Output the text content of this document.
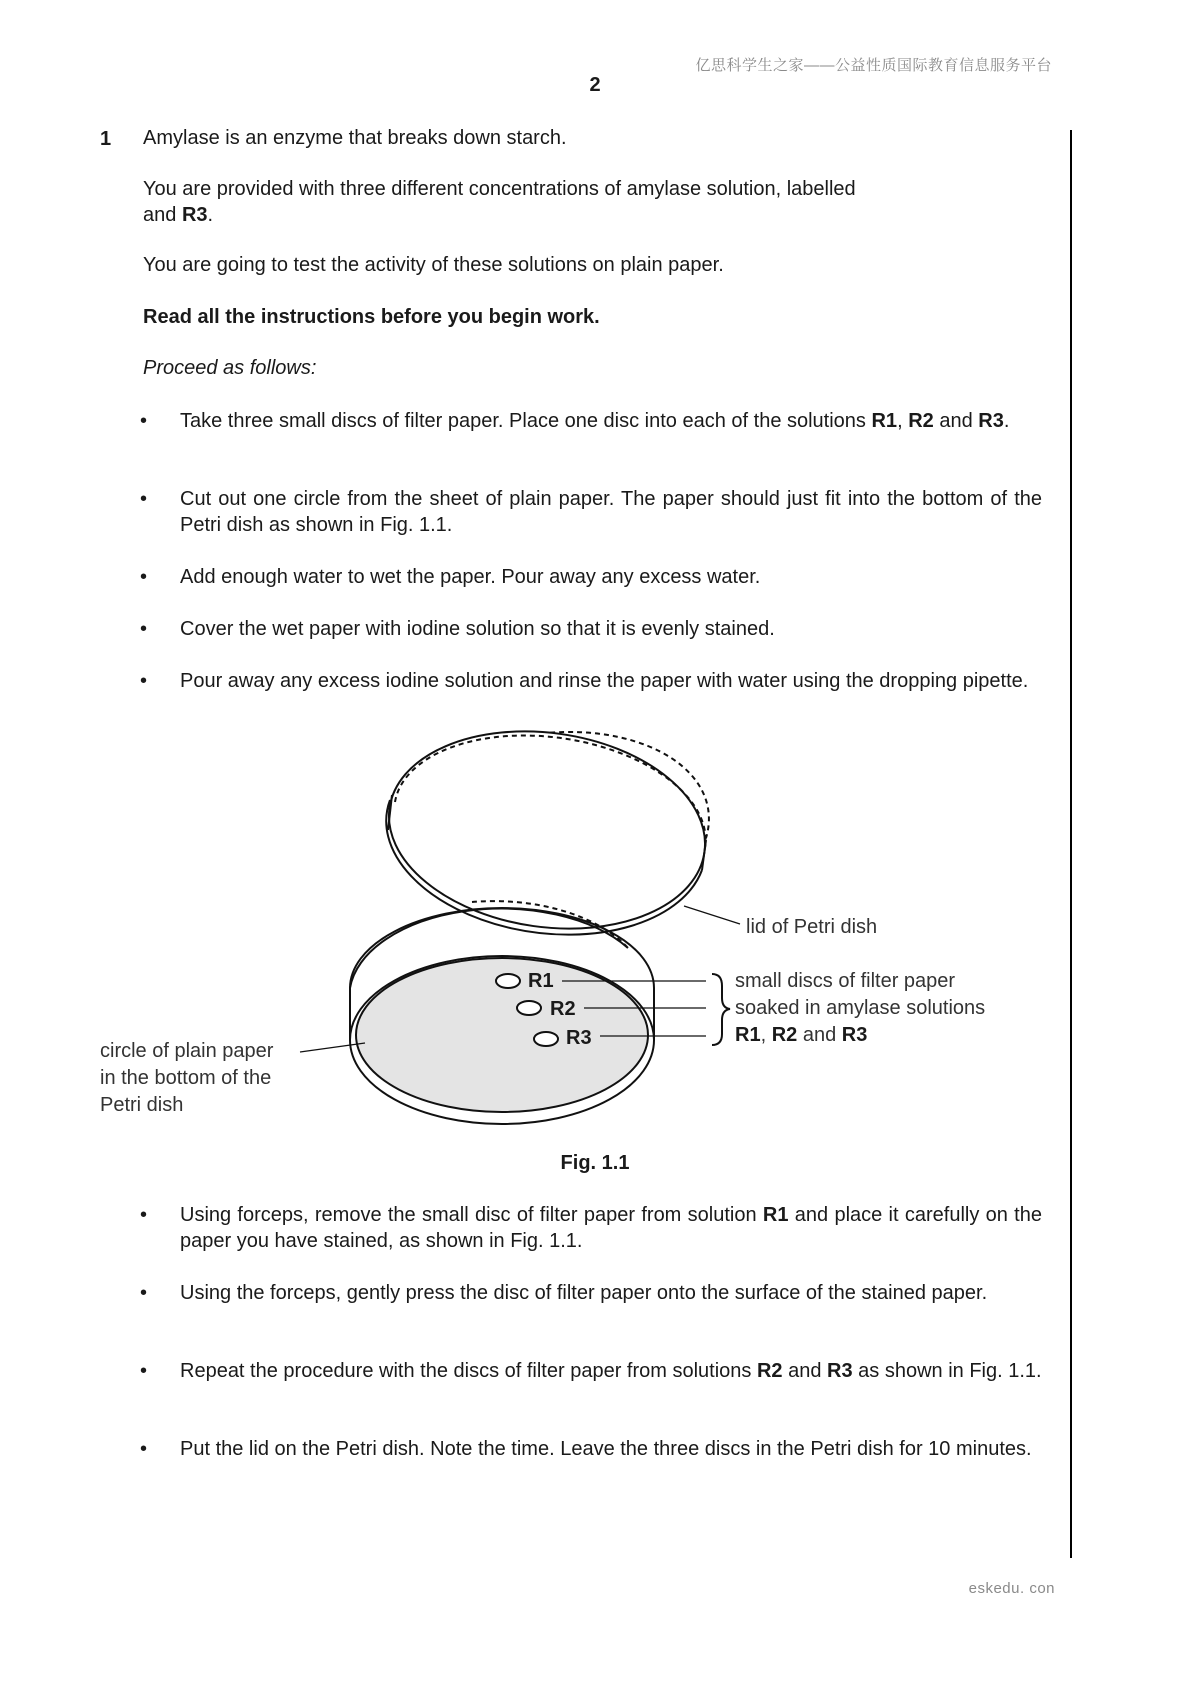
亿思科学生之家——公益性质国际教育信息服务平台
2
1 Amylase is an enzyme that breaks down starch.
You are provided with three different concentrations of amylase solution, labelled
and R3.
You are going to test the activity of these solutions on plain paper.
Read all the instructions before you begin work.
Proceed as follows:
• Take three small discs of filter paper. Place one disc into each of the solutions R1, R2 and R3.
• Cut out one circle from the sheet of plain paper. The paper should just fit into the bottom of the Petri dish as shown in Fig. 1.1.
• Add enough water to wet the paper. Pour away any excess water.
• Cover the wet paper with iodine solution so that it is evenly stained.
• Pour away any excess iodine solution and rinse the paper with water using the dropping pipette.
R1
R2
R3
lid of Petri dish
small discs of filter paper
soaked in amylase solutions
R1, R2 and R3
circle of plain paper
in the bottom of the
Petri dish
Fig. 1.1
• Using forceps, remove the small disc of filter paper from solution R1 and place it carefully on the paper you have stained, as shown in Fig. 1.1.
• Using the forceps, gently press the disc of filter paper onto the surface of the stained paper.
• Repeat the procedure with the discs of filter paper from solutions R2 and R3 as shown in Fig. 1.1.
• Put the lid on the Petri dish. Note the time. Leave the three discs in the Petri dish for 10 minutes.
eskedu. con
